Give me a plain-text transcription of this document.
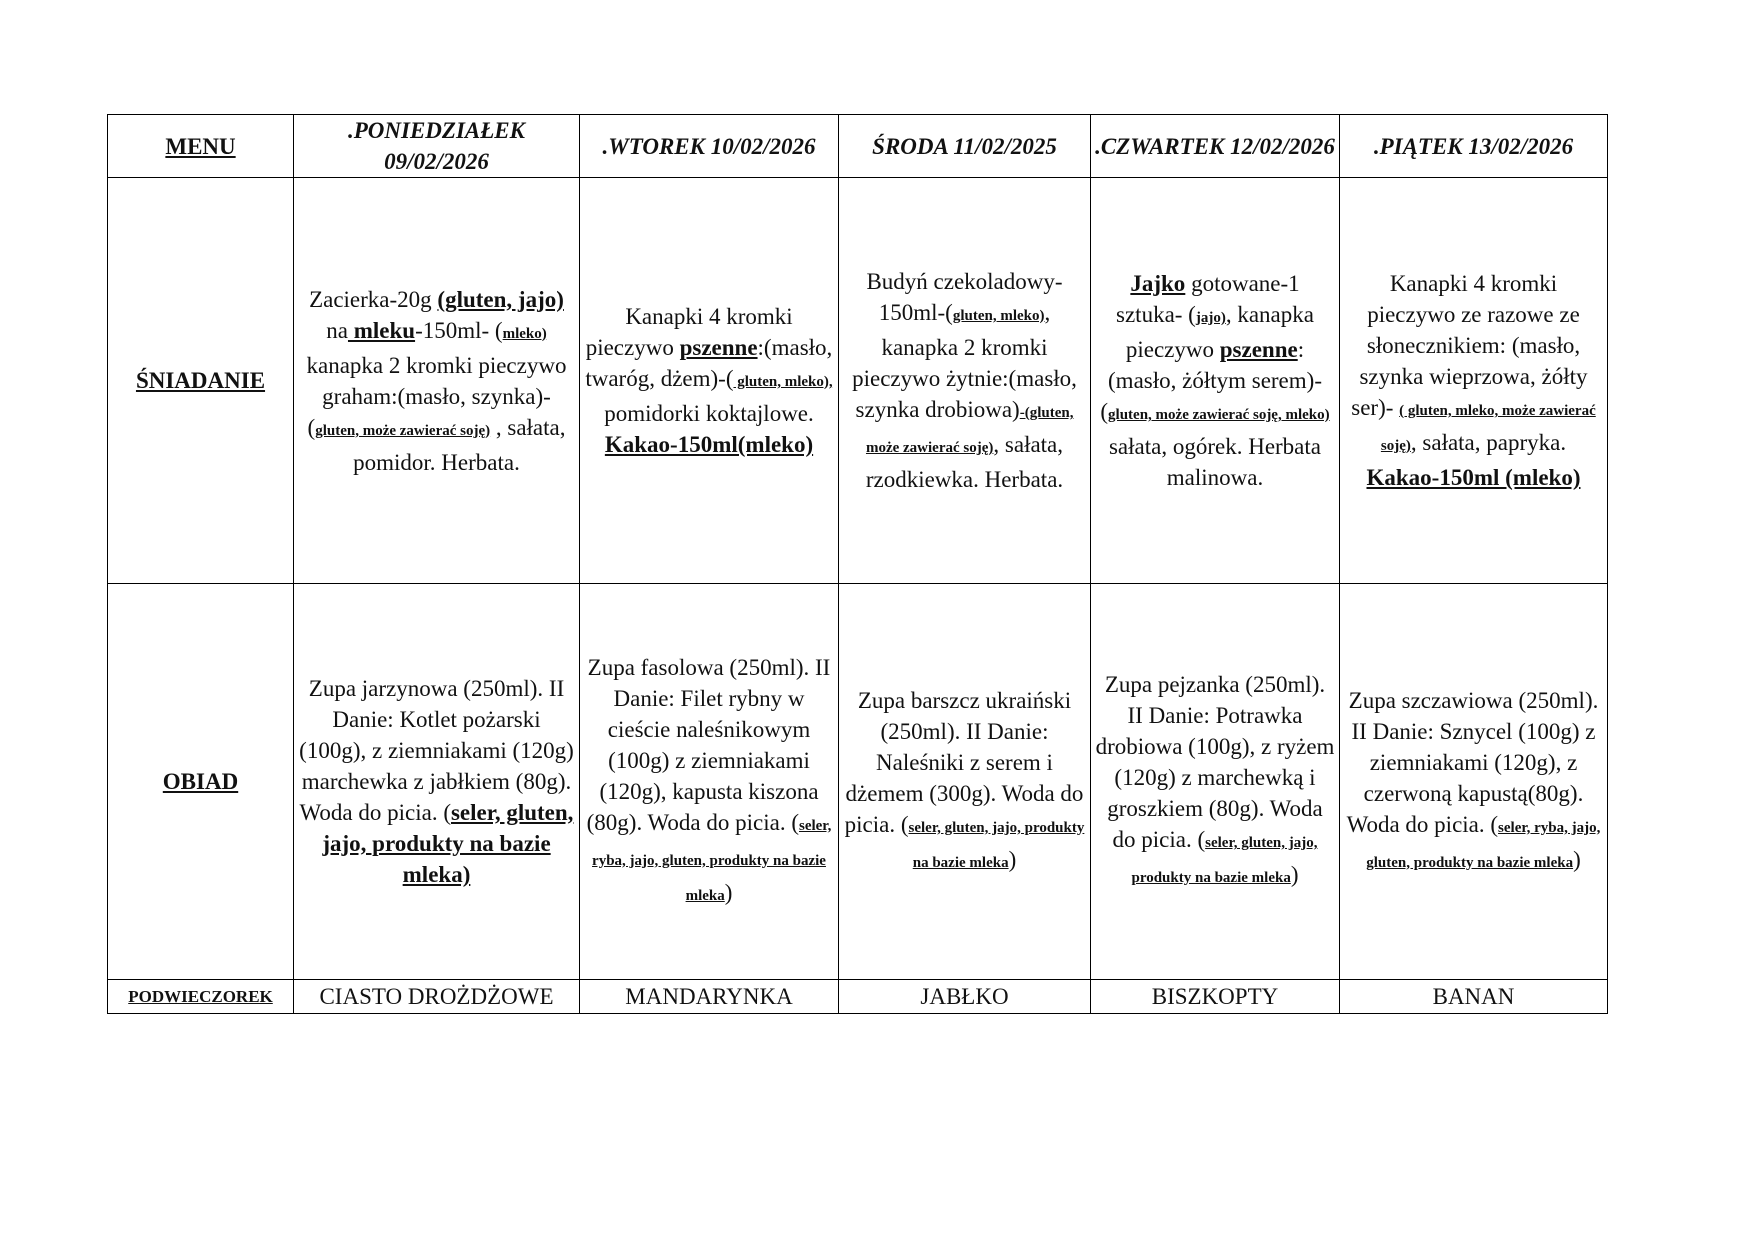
MENU	.PONIEDZIAŁEK 09/02/2026	.WTOREK 10/02/2026	ŚRODA 11/02/2025	.CZWARTEK 12/02/2026	.PIĄTEK 13/02/2026
ŚNIADANIE	Zacierka-20g (gluten, jajo) na mleku-150ml- (mleko) kanapka 2 kromki pieczywo graham:(masło, szynka)- (gluten, może zawierać soję) , sałata, pomidor. Herbata.	Kanapki 4 kromki pieczywo pszenne:(masło, twaróg, dżem)-( gluten, mleko), pomidorki koktajlowe. Kakao-150ml(mleko)	Budyń czekoladowy-150ml-(gluten, mleko), kanapka 2 kromki pieczywo żytnie:(masło, szynka drobiowa)-(gluten, może zawierać soję), sałata, rzodkiewka. Herbata.	Jajko gotowane-1 sztuka- (jajo), kanapka pieczywo pszenne: (masło, żółtym serem)-(gluten, może zawierać soję, mleko) sałata, ogórek. Herbata malinowa.	Kanapki 4 kromki pieczywo ze razowe ze słonecznikiem: (masło, szynka wieprzowa, żółty ser)- ( gluten, mleko, może zawierać soję), sałata, papryka. Kakao-150ml (mleko)
OBIAD	Zupa jarzynowa (250ml). II Danie: Kotlet pożarski (100g), z ziemniakami (120g) marchewka z jabłkiem (80g). Woda do picia. (seler, gluten, jajo, produkty na bazie mleka)	Zupa fasolowa (250ml). II Danie: Filet rybny w cieście naleśnikowym (100g) z ziemniakami (120g), kapusta kiszona (80g). Woda do picia. (seler, ryba, jajo, gluten, produkty na bazie mleka)	Zupa barszcz ukraiński (250ml). II Danie: Naleśniki z serem i dżemem (300g). Woda do picia. (seler, gluten, jajo, produkty na bazie mleka)	Zupa pejzanka (250ml). II Danie: Potrawka drobiowa (100g), z ryżem (120g) z marchewką i groszkiem (80g). Woda do picia. (seler, gluten, jajo, produkty na bazie mleka)	Zupa szczawiowa (250ml). II Danie: Sznycel (100g) z ziemniakami (120g), z czerwoną kapustą(80g). Woda do picia. (seler, ryba, jajo, gluten, produkty na bazie mleka)
PODWIECZOREK	CIASTO DROŻDŻOWE	MANDARYNKA	JABŁKO	BISZKOPTY	BANAN
